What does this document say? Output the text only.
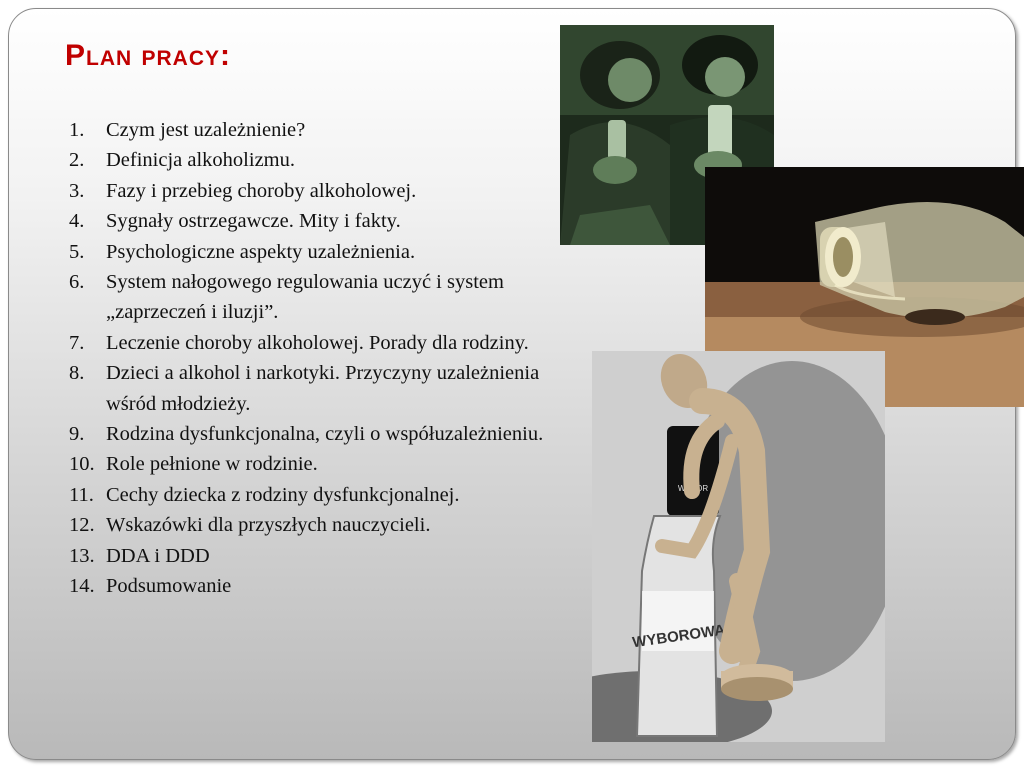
Plan pracy:
1. Czym jest uzależnienie?
2. Definicja alkoholizmu.
3. Fazy i przebieg choroby alkoholowej.
4. Sygnały ostrzegawcze. Mity i fakty.
5. Psychologiczne aspekty uzależnienia.
6. System nałogowego regulowania uczyć i system „zaprzeczeń i iluzji”.
7. Leczenie choroby alkoholowej. Porady dla rodziny.
8. Dzieci a alkohol i narkotyki. Przyczyny uzależnienia wśród młodzieży.
9. Rodzina dysfunkcjonalna, czyli o współuzależnieniu.
10. Role pełnione w rodzinie.
11. Cechy dziecka z rodziny dysfunkcjonalnej.
12. Wskazówki dla przyszłych nauczycieli.
13. DDA i DDD
14. Podsumowanie
WYBOROWA
WYBOR
